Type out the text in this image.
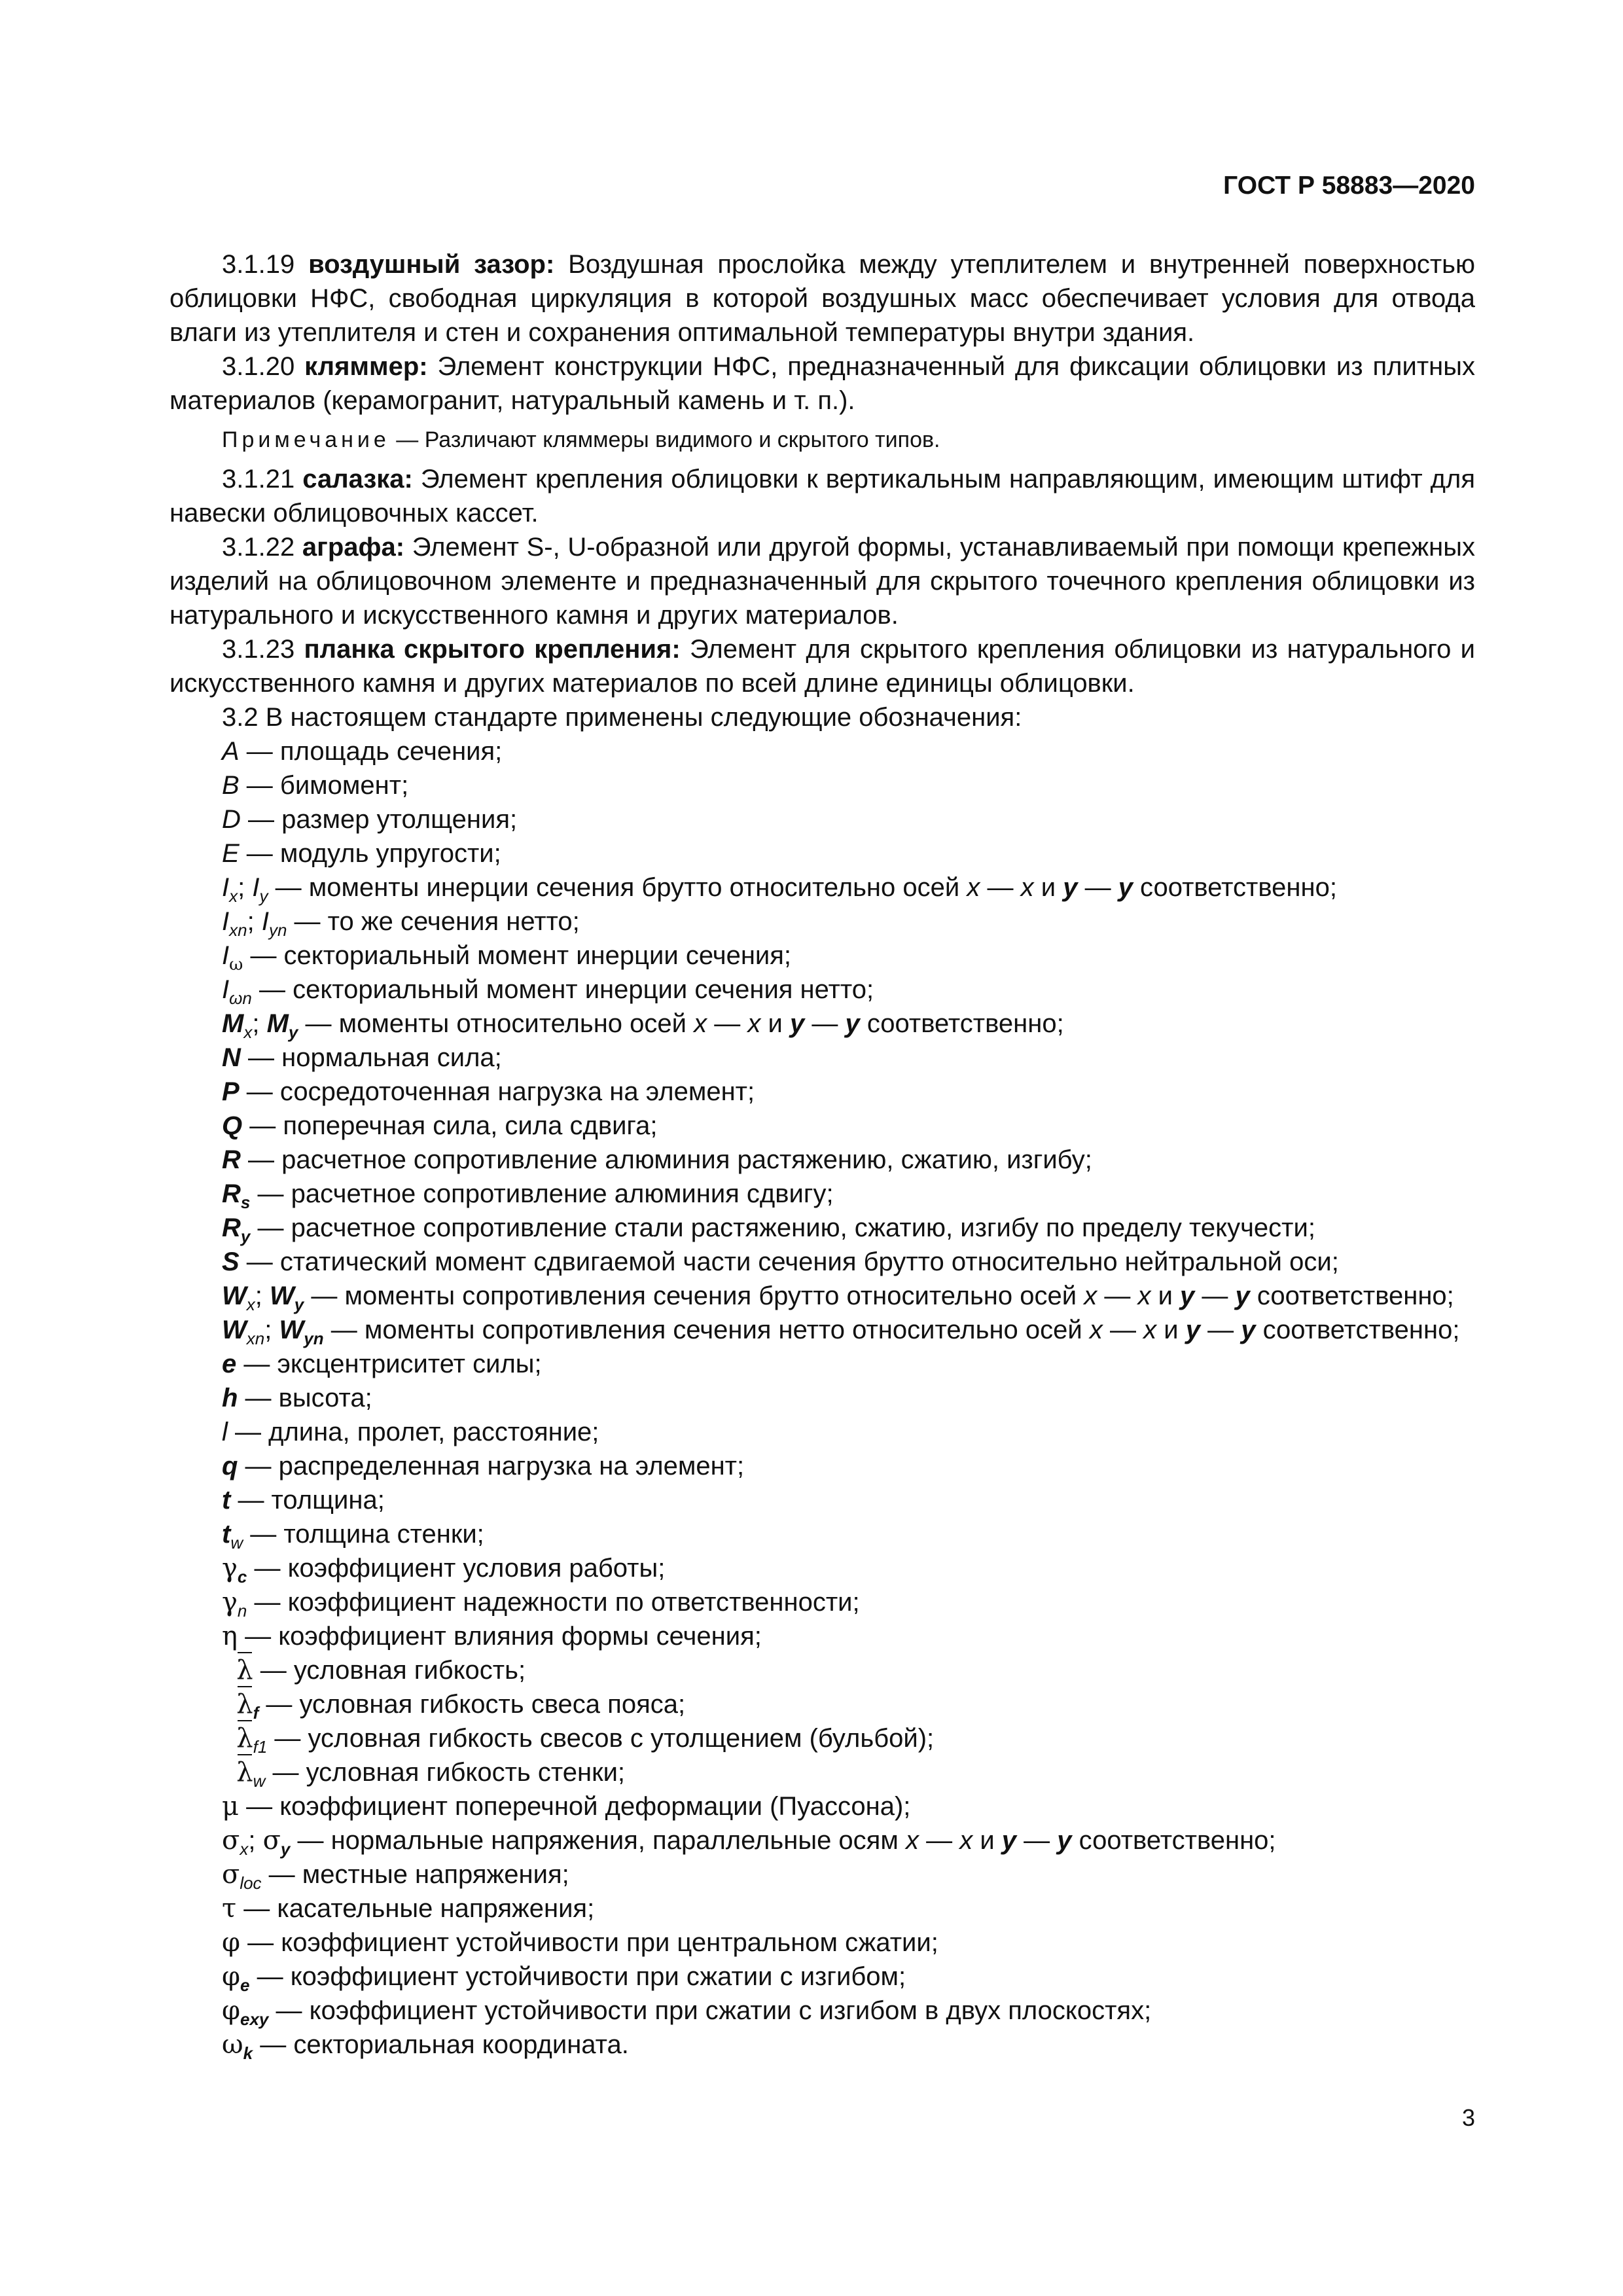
ГОСТ Р 58883—2020

3.1.19 воздушный зазор: Воздушная прослойка между утеплителем и внутренней поверхностью облицовки НФС, свободная циркуляция в которой воздушных масс обеспечивает условия для отвода влаги из утеплителя и стен и сохранения оптимальной температуры внутри здания.

3.1.20 кляммер: Элемент конструкции НФС, предназначенный для фиксации облицовки из плитных материалов (керамогранит, натуральный камень и т. п.).

Примечание — Различают кляммеры видимого и скрытого типов.

3.1.21 салазка: Элемент крепления облицовки к вертикальным направляющим, имеющим штифт для навески облицовочных кассет.

3.1.22 аграфа: Элемент S-, U-образной или другой формы, устанавливаемый при помощи крепежных изделий на облицовочном элементе и предназначенный для скрытого точечного крепления облицовки из натурального и искусственного камня и других материалов.

3.1.23 планка скрытого крепления: Элемент для скрытого крепления облицовки из натурального и искусственного камня и других материалов по всей длине единицы облицовки.

3.2 В настоящем стандарте применены следующие обозначения:

A — площадь сечения;
B — бимомент;
D — размер утолщения;
E — модуль упругости;
$I_x$; $I_y$ — моменты инерции сечения брутто относительно осей x — x и y — y соответственно;
$I_{xn}$; $I_{yn}$ — то же сечения нетто;
$I_\omega$ — секториальный момент инерции сечения;
$I_{\omega n}$ — секториальный момент инерции сечения нетто;
$M_x$; $M_y$ — моменты относительно осей x — x и y — y соответственно;
N — нормальная сила;
P — сосредоточенная нагрузка на элемент;
Q — поперечная сила, сила сдвига;
R — расчетное сопротивление алюминия растяжению, сжатию, изгибу;
$R_s$ — расчетное сопротивление алюминия сдвигу;
$R_y$ — расчетное сопротивление стали растяжению, сжатию, изгибу по пределу текучести;
S — статический момент сдвигаемой части сечения брутто относительно нейтральной оси;
$W_x$; $W_y$ — моменты сопротивления сечения брутто относительно осей x — x и y — y соответственно;
$W_{xn}$; $W_{yn}$ — моменты сопротивления сечения нетто относительно осей x — x и y — y соответственно;
e — эксцентриситет силы;
h — высота;
l — длина, пролет, расстояние;
q — распределенная нагрузка на элемент;
t — толщина;
$t_w$ — толщина стенки;
$\gamma_c$ — коэффициент условия работы;
$\gamma_n$ — коэффициент надежности по ответственности;
η — коэффициент влияния формы сечения;
λ — условная гибкость;
$\lambda_f$ — условная гибкость свеса пояса;
$\lambda_{f1}$ — условная гибкость свесов с утолщением (бульбой);
$\lambda_w$ — условная гибкость стенки;
μ — коэффициент поперечной деформации (Пуассона);
$\sigma_x$; $\sigma_y$ — нормальные напряжения, параллельные осям x — x и y — y соответственно;
$\sigma_{loc}$ — местные напряжения;
τ — касательные напряжения;
φ — коэффициент устойчивости при центральном сжатии;
$\varphi_e$ — коэффициент устойчивости при сжатии с изгибом;
$\varphi_{exy}$ — коэффициент устойчивости при сжатии с изгибом в двух плоскостях;
$\omega_k$ — секториальная координата.
3
